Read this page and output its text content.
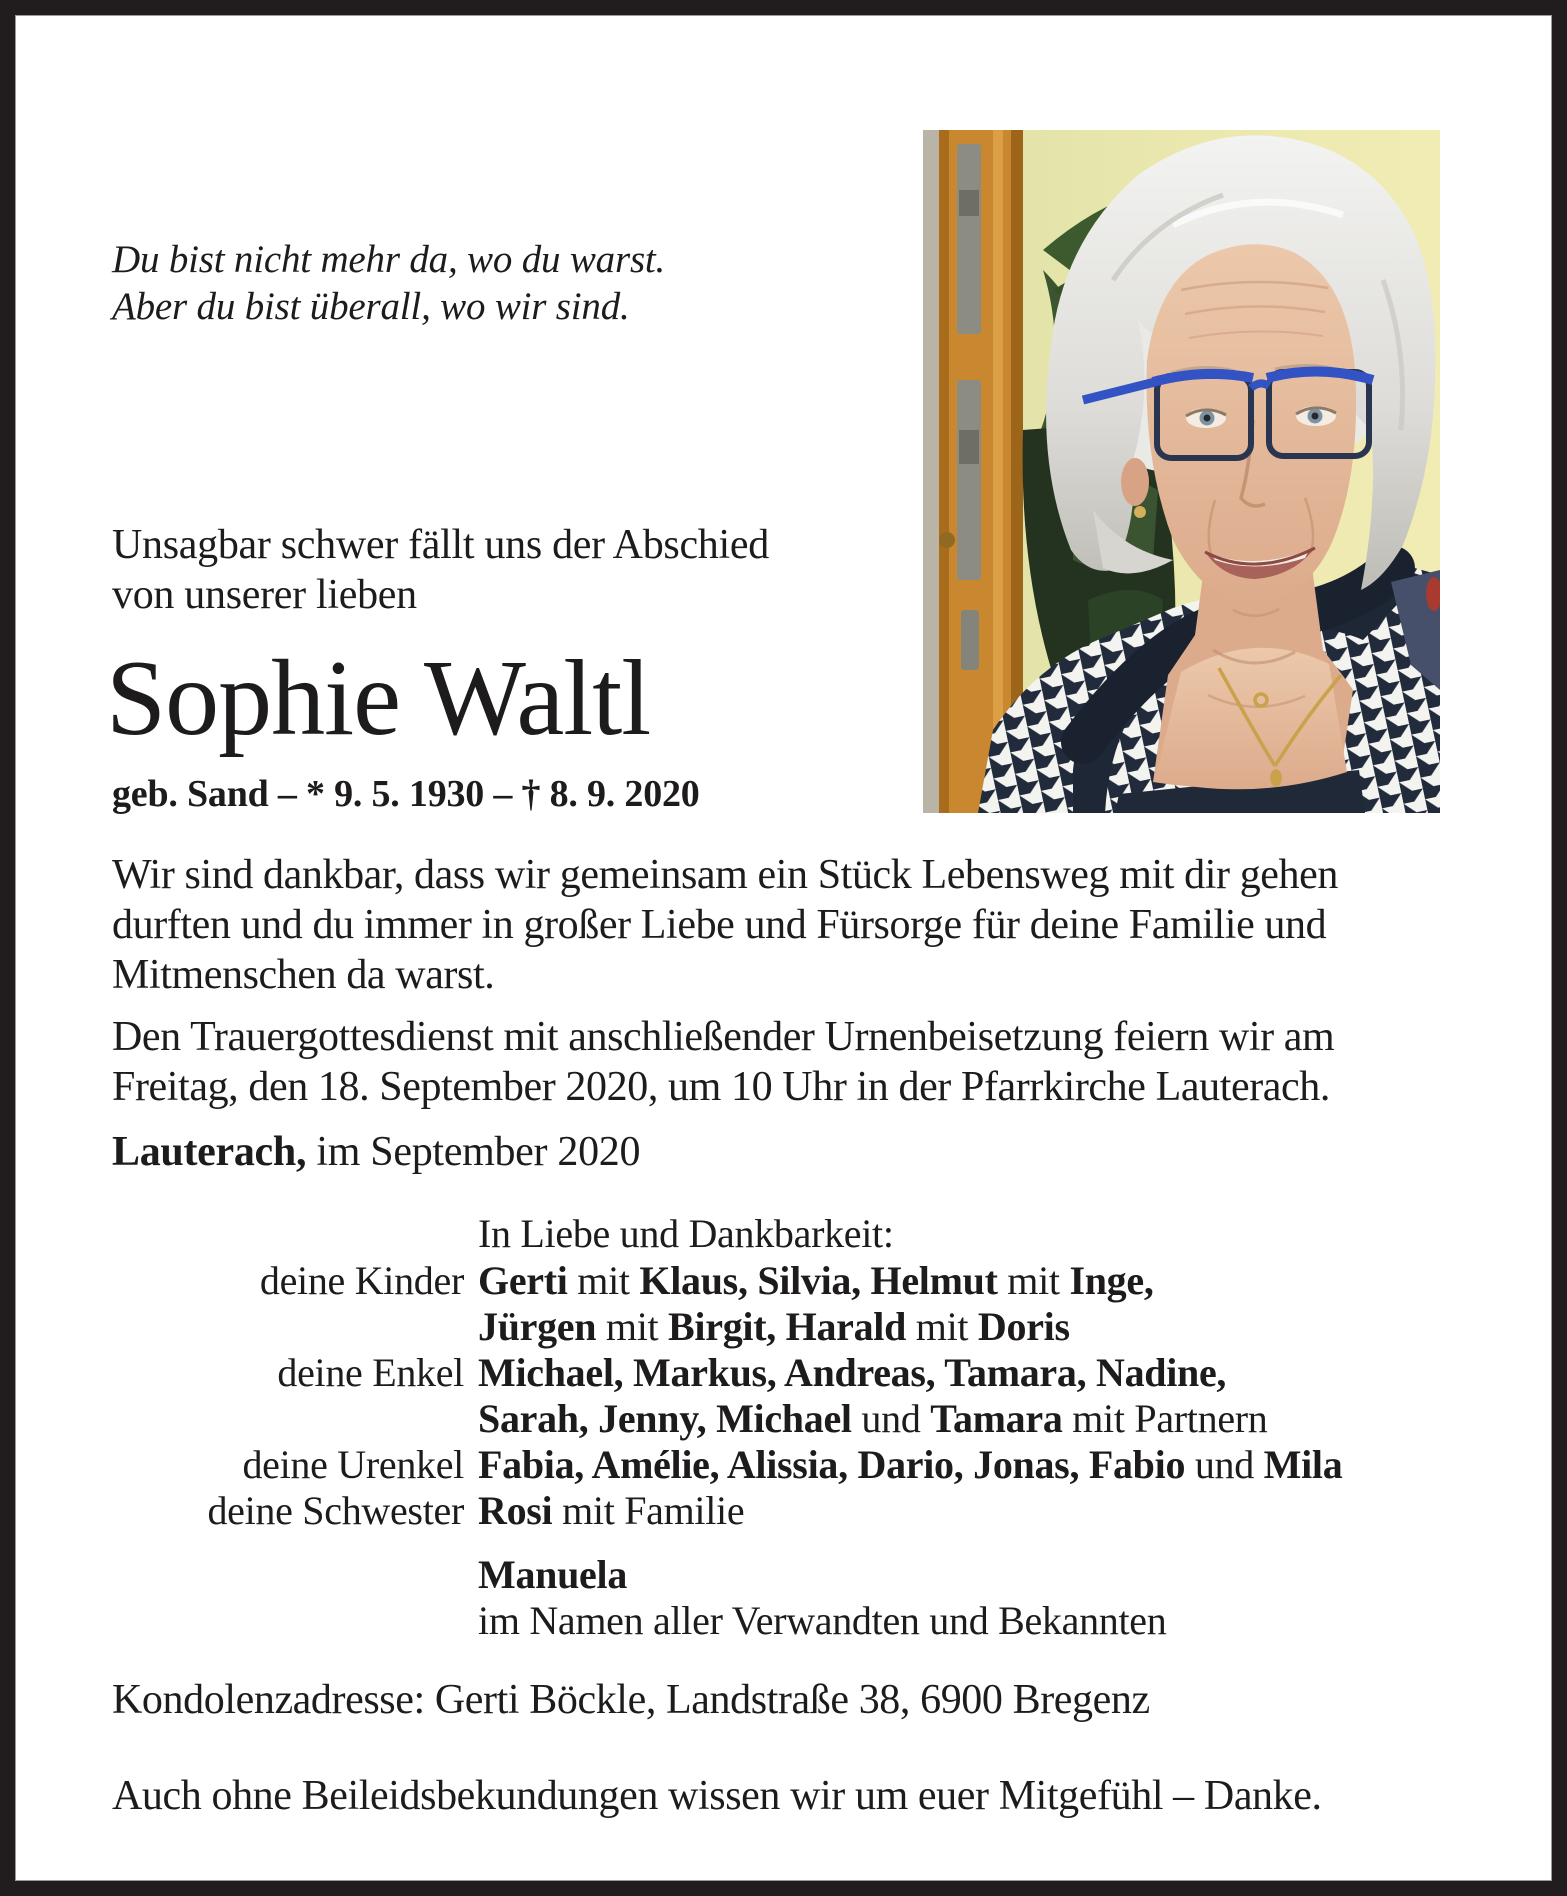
Du bist nicht mehr da, wo du warst.
Aber du bist überall, wo wir sind.
Unsagbar schwer fällt uns der Abschied
von unserer lieben
Sophie Waltl
geb. Sand – * 9. 5. 1930 – † 8. 9. 2020
Wir sind dankbar, dass wir gemeinsam ein Stück Lebensweg mit dir gehen
durften und du immer in großer Liebe und Fürsorge für deine Familie und
Mitmenschen da warst.
Den Trauergottesdienst mit anschließender Urnenbeisetzung feiern wir am
Freitag, den 18. September 2020, um 10 Uhr in der Pfarrkirche Lauterach.
Lauterach, im September 2020
In Liebe und Dankbarkeit:
deine Kinder Gerti mit Klaus, Silvia, Helmut mit Inge,
Jürgen mit Birgit, Harald mit Doris
deine Enkel Michael, Markus, Andreas, Tamara, Nadine,
Sarah, Jenny, Michael und Tamara mit Partnern
deine Urenkel Fabia, Amélie, Alissia, Dario, Jonas, Fabio und Mila
deine Schwester Rosi mit Familie
Manuela
im Namen aller Verwandten und Bekannten
Kondolenzadresse: Gerti Böckle, Landstraße 38, 6900 Bregenz
Auch ohne Beileidsbekundungen wissen wir um euer Mitgefühl – Danke.
